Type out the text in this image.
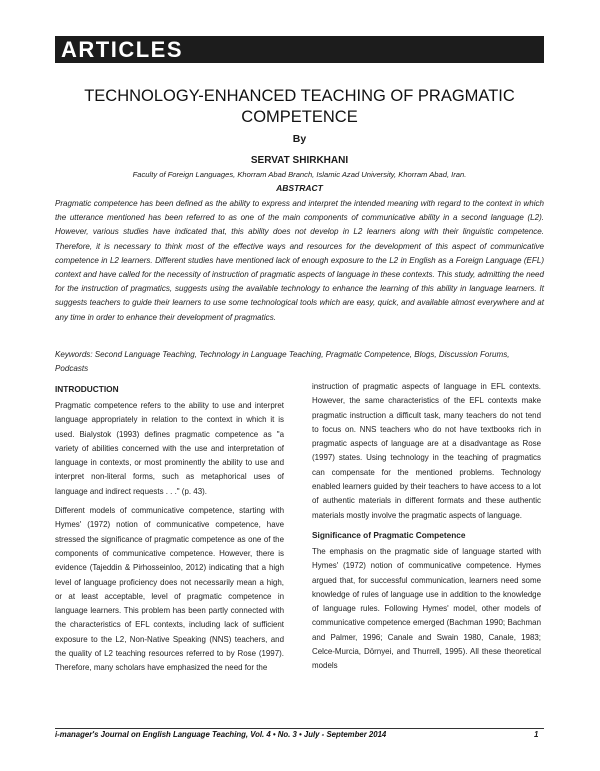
ARTICLES
TECHNOLOGY-ENHANCED TEACHING OF PRAGMATIC
COMPETENCE
By
SERVAT SHIRKHANI
Faculty of Foreign Languages, Khorram Abad Branch, Islamic Azad University, Khorram Abad, Iran.
ABSTRACT
Pragmatic competence has been defined as the ability to express and interpret the intended meaning with regard to the context in which the utterance mentioned has been referred to as one of the main components of communicative ability in a second language (L2). However, various studies have indicated that, this ability does not develop in L2 learners along with their linguistic competence. Therefore, it is necessary to think most of the effective ways and resources for the development of this aspect of communicative competence in L2 learners. Different studies have mentioned lack of enough exposure to the L2 in English as a Foreign Language (EFL) context and have called for the necessity of instruction of pragmatic aspects of language in these contexts. This study, admitting the need for the instruction of pragmatics, suggests using the available technology to enhance the learning of this ability in language learners. It suggests teachers to guide their learners to use some technological tools which are easy, quick, and available almost everywhere and at any time in order to enhance their development of pragmatics.
Keywords: Second Language Teaching, Technology in Language Teaching, Pragmatic Competence, Blogs, Discussion Forums, Podcasts
INTRODUCTION

Pragmatic competence refers to the ability to use and interpret language appropriately in relation to the context in which it is used. Bialystok (1993) defines pragmatic competence as "a variety of abilities concerned with the use and interpretation of language in contexts, or most prominently the ability to use and interpret non-literal forms, such as metaphorical uses of language and indirect requests . . ." (p. 43).

Different models of communicative competence, starting with Hymes' (1972) notion of communicative competence, have stressed the significance of pragmatic competence as one of the components of communicative competence. However, there is evidence (Tajeddin & Pirhosseinloo, 2012) indicating that a high level of language proficiency does not necessarily mean a high, or at least acceptable, level of pragmatic competence in language learners. This problem has been partly connected with the characteristics of EFL contexts, including lack of sufficient exposure to the L2, Non-Native Speaking (NNS) teachers, and the quality of L2 teaching resources referred to by Rose (1997). Therefore, many scholars have emphasized the need for the

instruction of pragmatic aspects of language in EFL contexts. However, the same characteristics of the EFL contexts make pragmatic instruction a difficult task, many teachers do not tend to focus on. NNS teachers who do not have textbooks rich in pragmatic aspects of language are at a disadvantage as Rose (1997) states. Using technology in the teaching of pragmatics can compensate for the mentioned problems. Technology enabled learners guided by their teachers to have access to a lot of authentic materials in different formats and these authentic materials mostly involve the pragmatic aspects of language.

Significance of Pragmatic Competence

The emphasis on the pragmatic side of language started with Hymes' (1972) notion of communicative competence. Hymes argued that, for successful communication, learners need some knowledge of rules of language use in addition to the knowledge of language rules. Following Hymes' model, other models of communicative competence emerged (Bachman 1990; Bachman and Palmer, 1996; Canale and Swain 1980, Canale, 1983; Celce-Murcia, Dörnyei, and Thurrell, 1995). All these theoretical models

i-manager's Journal on English Language Teaching, Vol. 4 • No. 3 • July - September 2014	1
